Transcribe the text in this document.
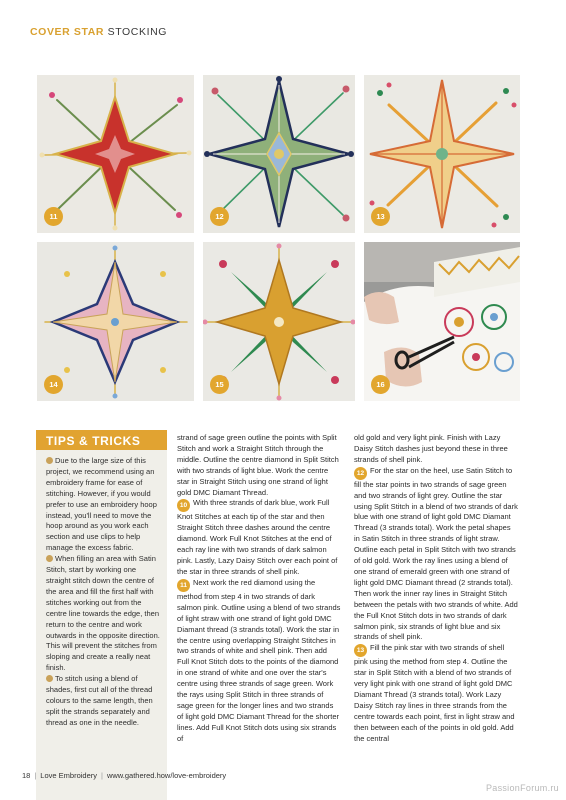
COVER STAR STOCKING
11	12	13
14	15	16
TIPS & TRICKS

Due to the large size of this project, we recommend using an embroidery frame for ease of stitching. However, if you would prefer to use an embroidery hoop instead, you'll need to move the hoop around as you work each section and use clips to help manage the excess fabric.

When filling an area with Satin Stitch, start by working one straight stitch down the centre of the area and fill the first half with stitches working out from the centre line towards the edge, then return to the centre and work outwards in the opposite direction. This will prevent the stitches from sloping and create a really neat finish.

To stitch using a blend of shades, first cut all of the thread colours to the same length, then split the strands separately and thread as one in the needle.

strand of sage green outline the points with Split Stitch and work a Straight Stitch through the middle. Outline the centre diamond in Split Stitch with two strands of light blue. Work the centre star in Straight Stitch using one strand of light gold DMC Diamant Thread.

10 With three strands of dark blue, work Full Knot Stitches at each tip of the star and then Straight Stitch three dashes around the centre diamond. Work Full Knot Stitches at the end of each ray line with two strands of dark salmon pink. Lastly, Lazy Daisy Stitch over each point of the star in three strands of shell pink.

11 Next work the red diamond using the method from step 4 in two strands of dark salmon pink. Outline using a blend of two strands of light straw with one strand of light gold DMC Diamant thread (3 strands total). Work the star in the centre using overlapping Straight Stitches in two strands of white and shell pink. Then add Full Knot Stitch dots to the points of the diamond in one strand of white and one over the star's centre using three strands of sage green. Work the rays using Split Stitch in three strands of sage green for the longer lines and two strands of light gold DMC Diamant Thread for the shorter lines. Add Full Knot Stitch dots using six strands of

old gold and very light pink. Finish with Lazy Daisy Stitch dashes just beyond these in three strands of shell pink.

12 For the star on the heel, use Satin Stitch to fill the star points in two strands of sage green and two strands of light grey. Outline the star using Split Stitch in a blend of two strands of dark blue with one strand of light gold DMC Diamant Thread (3 strands total). Work the petal shapes in Satin Stitch in three strands of light straw. Outline each petal in Split Stitch with two strands of old gold. Work the ray lines using a blend of one strand of emerald green with one strand of light gold DMC Diamant thread (2 strands total). Then work the inner ray lines in Straight Stitch between the petals with two strands of white. Add the Full Knot Stitch dots in two strands of dark salmon pink, six strands of light blue and six strands of shell pink.

13 Fill the pink star with two strands of shell pink using the method from step 4. Outline the star in Split Stitch with a blend of two strands of very light pink with one strand of light gold DMC Diamant Thread (3 strands total). Work Lazy Daisy Stitch ray lines in three strands from the centre towards each point, first in light straw and then between each of the points in old gold. Add the central

18 | Love Embroidery | www.gathered.how/love-embroidery
PassionForum.ru
